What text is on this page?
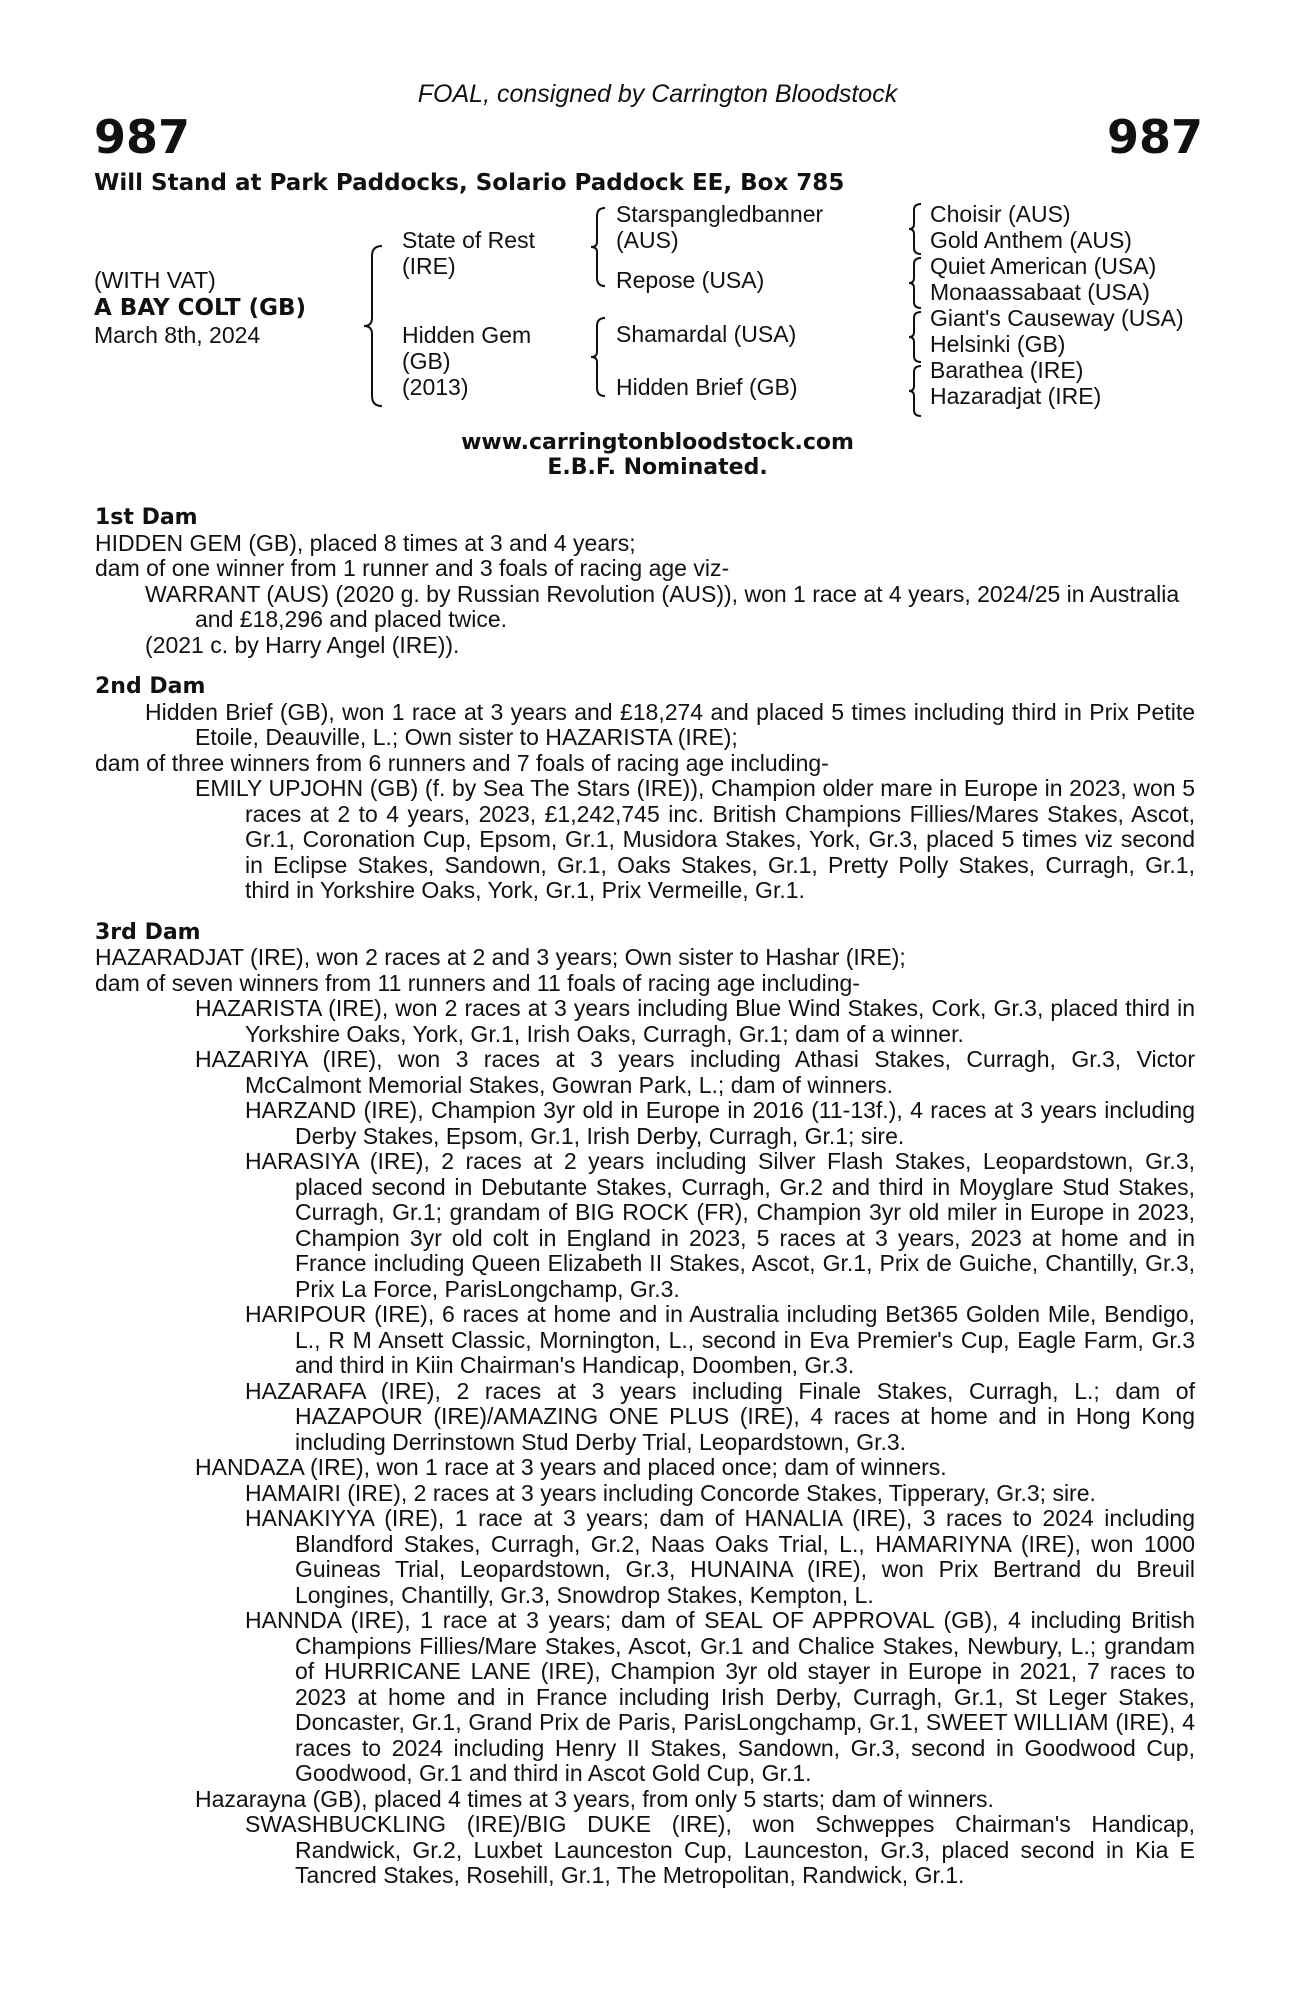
FOAL, consigned by Carrington Bloodstock
987	987
Will Stand at Park Paddocks, Solario Paddock EE, Box 785
(WITH VAT)
A BAY COLT (GB)
March 8th, 2024
State of Rest
(IRE)
Hidden Gem
(GB)
(2013)
Starspangledbanner
(AUS)
Repose (USA)
Shamardal (USA)
Hidden Brief (GB)
Choisir (AUS)
Gold Anthem (AUS)
Quiet American (USA)
Monaassabaat (USA)
Giant's Causeway (USA)
Helsinki (GB)
Barathea (IRE)
Hazaradjat (IRE)
www.carringtonbloodstock.com
E.B.F. Nominated.
1st Dam
HIDDEN GEM (GB), placed 8 times at 3 and 4 years;
dam of one winner from 1 runner and 3 foals of racing age viz-
WARRANT (AUS) (2020 g. by Russian Revolution (AUS)), won 1 race at 4 years, 2024/25 in Australia and £18,296 and placed twice.
(2021 c. by Harry Angel (IRE)).
2nd Dam
Hidden Brief (GB), won 1 race at 3 years and £18,274 and placed 5 times including third in Prix Petite Etoile, Deauville, L.; Own sister to HAZARISTA (IRE);
dam of three winners from 6 runners and 7 foals of racing age including-
EMILY UPJOHN (GB) (f. by Sea The Stars (IRE)), Champion older mare in Europe in 2023, won 5 races at 2 to 4 years, 2023, £1,242,745 inc. British Champions Fillies/Mares Stakes, Ascot, Gr.1, Coronation Cup, Epsom, Gr.1, Musidora Stakes, York, Gr.3, placed 5 times viz second in Eclipse Stakes, Sandown, Gr.1, Oaks Stakes, Gr.1, Pretty Polly Stakes, Curragh, Gr.1, third in Yorkshire Oaks, York, Gr.1, Prix Vermeille, Gr.1.
3rd Dam
HAZARADJAT (IRE), won 2 races at 2 and 3 years; Own sister to Hashar (IRE);
dam of seven winners from 11 runners and 11 foals of racing age including-
HAZARISTA (IRE), won 2 races at 3 years including Blue Wind Stakes, Cork, Gr.3, placed third in Yorkshire Oaks, York, Gr.1, Irish Oaks, Curragh, Gr.1; dam of a winner.
HAZARIYA (IRE), won 3 races at 3 years including Athasi Stakes, Curragh, Gr.3, Victor McCalmont Memorial Stakes, Gowran Park, L.; dam of winners.
HARZAND (IRE), Champion 3yr old in Europe in 2016 (11-13f.), 4 races at 3 years including Derby Stakes, Epsom, Gr.1, Irish Derby, Curragh, Gr.1; sire.
HARASIYA (IRE), 2 races at 2 years including Silver Flash Stakes, Leopardstown, Gr.3, placed second in Debutante Stakes, Curragh, Gr.2 and third in Moyglare Stud Stakes, Curragh, Gr.1; grandam of BIG ROCK (FR), Champion 3yr old miler in Europe in 2023, Champion 3yr old colt in England in 2023, 5 races at 3 years, 2023 at home and in France including Queen Elizabeth II Stakes, Ascot, Gr.1, Prix de Guiche, Chantilly, Gr.3, Prix La Force, ParisLongchamp, Gr.3.
HARIPOUR (IRE), 6 races at home and in Australia including Bet365 Golden Mile, Bendigo, L., R M Ansett Classic, Mornington, L., second in Eva Premier's Cup, Eagle Farm, Gr.3 and third in Kiin Chairman's Handicap, Doomben, Gr.3.
HAZARAFA (IRE), 2 races at 3 years including Finale Stakes, Curragh, L.; dam of HAZAPOUR (IRE)/AMAZING ONE PLUS (IRE), 4 races at home and in Hong Kong including Derrinstown Stud Derby Trial, Leopardstown, Gr.3.
HANDAZA (IRE), won 1 race at 3 years and placed once; dam of winners.
HAMAIRI (IRE), 2 races at 3 years including Concorde Stakes, Tipperary, Gr.3; sire.
HANAKIYYA (IRE), 1 race at 3 years; dam of HANALIA (IRE), 3 races to 2024 including Blandford Stakes, Curragh, Gr.2, Naas Oaks Trial, L., HAMARIYNA (IRE), won 1000 Guineas Trial, Leopardstown, Gr.3, HUNAINA (IRE), won Prix Bertrand du Breuil Longines, Chantilly, Gr.3, Snowdrop Stakes, Kempton, L.
HANNDA (IRE), 1 race at 3 years; dam of SEAL OF APPROVAL (GB), 4 including British Champions Fillies/Mare Stakes, Ascot, Gr.1 and Chalice Stakes, Newbury, L.; grandam of HURRICANE LANE (IRE), Champion 3yr old stayer in Europe in 2021, 7 races to 2023 at home and in France including Irish Derby, Curragh, Gr.1, St Leger Stakes, Doncaster, Gr.1, Grand Prix de Paris, ParisLongchamp, Gr.1, SWEET WILLIAM (IRE), 4 races to 2024 including Henry II Stakes, Sandown, Gr.3, second in Goodwood Cup, Goodwood, Gr.1 and third in Ascot Gold Cup, Gr.1.
Hazarayna (GB), placed 4 times at 3 years, from only 5 starts; dam of winners.
SWASHBUCKLING (IRE)/BIG DUKE (IRE), won Schweppes Chairman's Handicap, Randwick, Gr.2, Luxbet Launceston Cup, Launceston, Gr.3, placed second in Kia E Tancred Stakes, Rosehill, Gr.1, The Metropolitan, Randwick, Gr.1.
